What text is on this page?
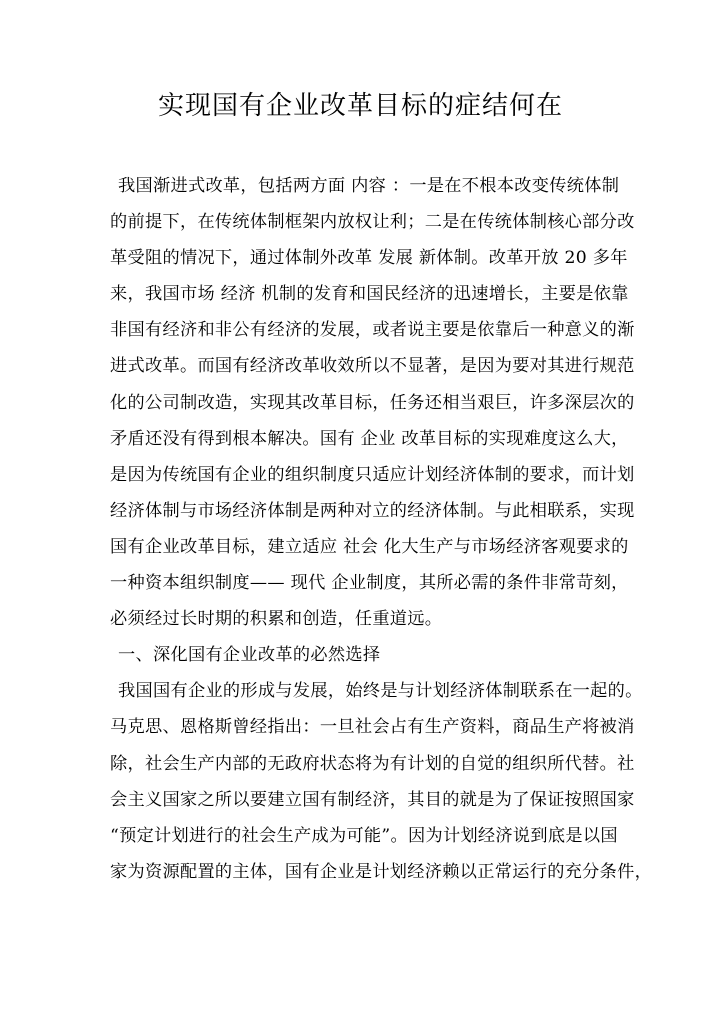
实现国有企业改革目标的症结何在
我国渐进式改革，包括两方面 内容 ：一是在不根本改变传统体制
的前提下，在传统体制框架内放权让利；二是在传统体制核心部分改
革受阻的情况下，通过体制外改革 发展 新体制。改革开放 20 多年
来，我国市场 经济 机制的发育和国民经济的迅速增长，主要是依靠
非国有经济和非公有经济的发展，或者说主要是依靠后一种意义的渐
进式改革。而国有经济改革收效所以不显著，是因为要对其进行规范
化的公司制改造，实现其改革目标，任务还相当艰巨，许多深层次的
矛盾还没有得到根本解决。国有 企业 改革目标的实现难度这么大，
是因为传统国有企业的组织制度只适应计划经济体制的要求，而计划
经济体制与市场经济体制是两种对立的经济体制。与此相联系，实现
国有企业改革目标，建立适应 社会 化大生产与市场经济客观要求的
一种资本组织制度—— 现代 企业制度，其所必需的条件非常苛刻，
必须经过长时期的积累和创造，任重道远。
一、深化国有企业改革的必然选择
我国国有企业的形成与发展，始终是与计划经济体制联系在一起的。
马克思、恩格斯曾经指出：一旦社会占有生产资料，商品生产将被消
除，社会生产内部的无政府状态将为有计划的自觉的组织所代替。社
会主义国家之所以要建立国有制经济，其目的就是为了保证按照国家
“预定计划进行的社会生产成为可能”。因为计划经济说到底是以国
家为资源配置的主体，国有企业是计划经济赖以正常运行的充分条件，
